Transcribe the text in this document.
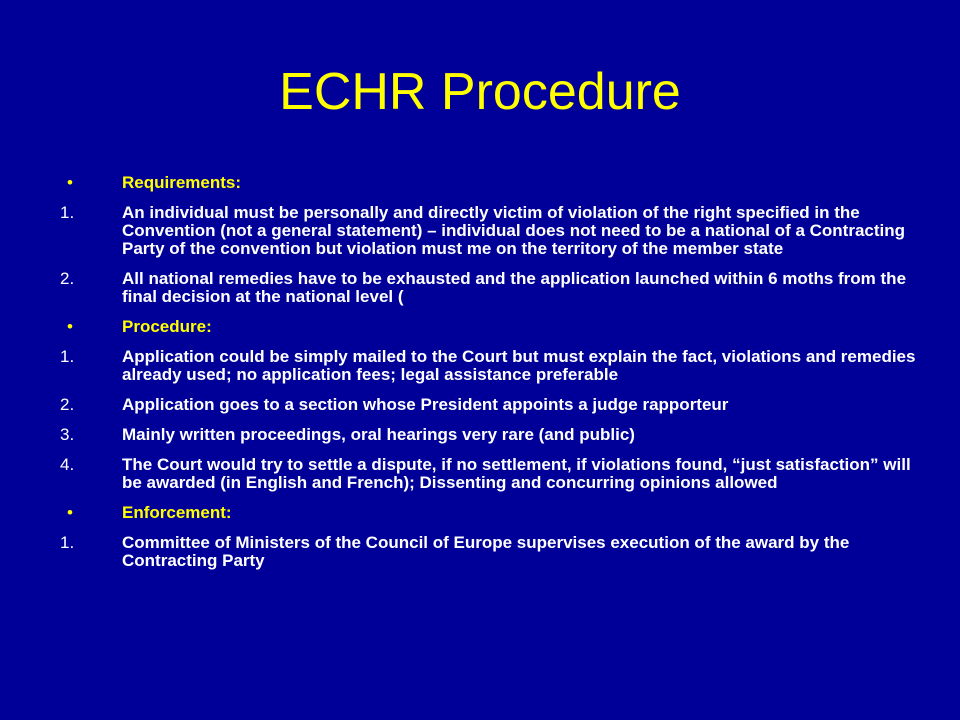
ECHR Procedure
•	Requirements:
1.	An individual must be personally and directly victim of violation of the right specified in the Convention (not a general statement) – individual does not need to be a national of a Contracting Party of the convention but violation must me on the territory of the member state
2.	All national remedies have to be exhausted and the application launched within 6 moths from the final decision at the national level (
•	Procedure:
1.	Application could be simply mailed to the Court but must explain the fact, violations and remedies already used; no application fees; legal assistance preferable
2.	Application goes to a section whose President appoints a judge rapporteur
3.	Mainly written proceedings, oral hearings very rare (and public)
4.	The Court would try to settle a dispute, if no settlement, if violations found, “just satisfaction” will be awarded (in English and French); Dissenting and concurring opinions allowed
•	Enforcement:
1.	Committee of Ministers of the Council of Europe supervises execution of the award by the Contracting Party
